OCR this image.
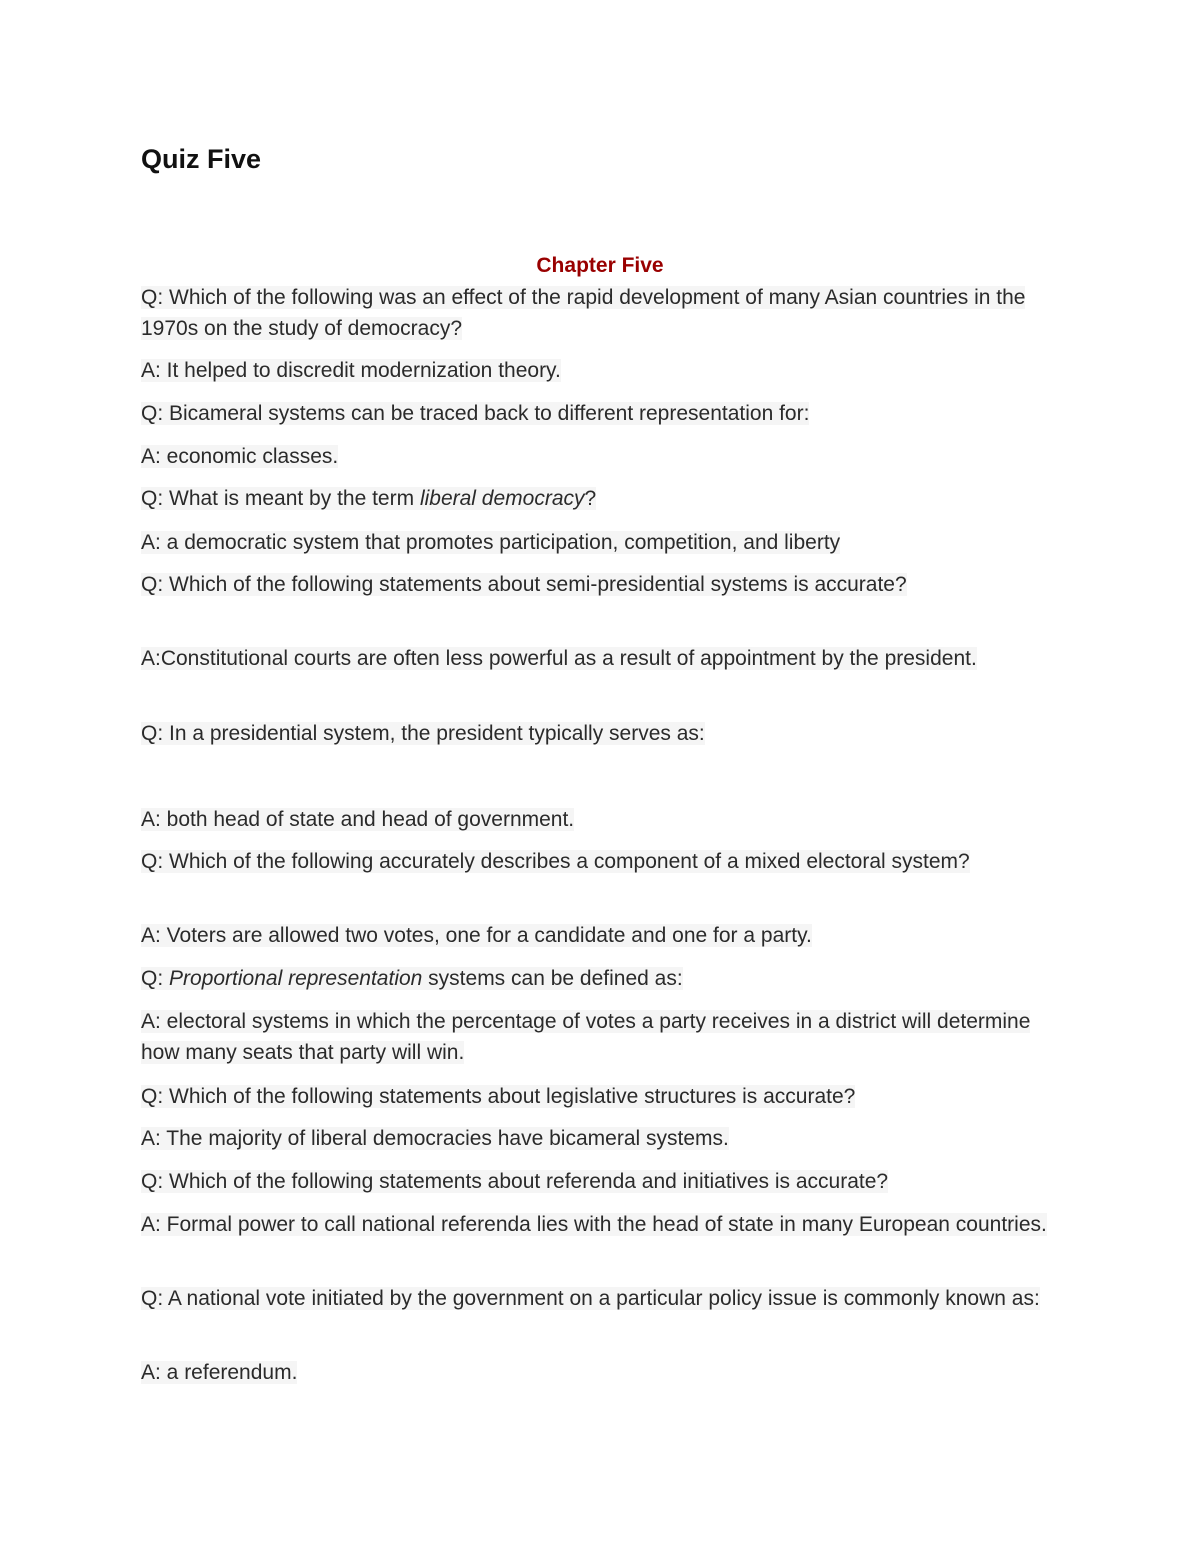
Quiz Five
Chapter Five

Q: Which of the following was an effect of the rapid development of many Asian countries in the 1970s on the study of democracy?

A: It helped to discredit modernization theory.

Q: Bicameral systems can be traced back to different representation for:

A: economic classes.

Q: What is meant by the term liberal democracy?

A: a democratic system that promotes participation, competition, and liberty

Q: Which of the following statements about semi-presidential systems is accurate?

A:Constitutional courts are often less powerful as a result of appointment by the president.

Q: In a presidential system, the president typically serves as:

A: both head of state and head of government.

Q: Which of the following accurately describes a component of a mixed electoral system?

A: Voters are allowed two votes, one for a candidate and one for a party.

Q: Proportional representation systems can be defined as:

A: electoral systems in which the percentage of votes a party receives in a district will determine how many seats that party will win.

Q: Which of the following statements about legislative structures is accurate?

A: The majority of liberal democracies have bicameral systems.

Q: Which of the following statements about referenda and initiatives is accurate?

A: Formal power to call national referenda lies with the head of state in many European countries.

Q: A national vote initiated by the government on a particular policy issue is commonly known as:

A: a referendum.
